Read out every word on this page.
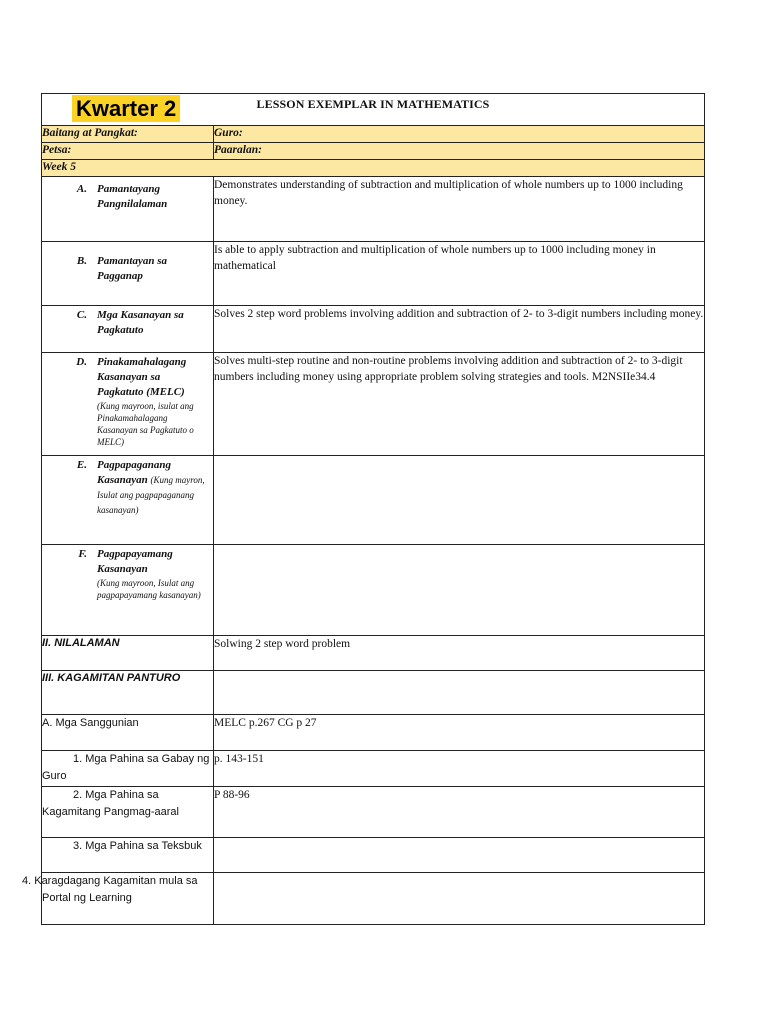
Kwarter 2 LESSON EXEMPLAR IN MATHEMATICS	

Baitang at Pangkat:	Guro:
Petsa:	Paaralan:
Week 5	

A. Pamantayang Pangnilalaman	Demonstrates understanding of subtraction and multiplication of whole numbers up to 1000 including money.

B. Pamantayan sa Pagganap	Is able to apply subtraction and multiplication of whole numbers up to 1000 including money in mathematical

C. Mga Kasanayan sa Pagkatuto	Solves 2 step word problems involving addition and subtraction of 2- to 3-digit numbers including money.

D. Pinakamahalagang Kasanayan sa Pagkatuto (MELC)
(Kung mayroon, isulat ang Pinakamahalagang Kasanayan sa Pagkatuto o MELC)	Solves multi-step routine and non-routine problems involving addition and subtraction of 2- to 3-digit numbers including money using appropriate problem solving strategies and tools. M2NSIIe34.4

E. Pagpapaganang Kasanayan (Kung mayron, Isulat ang pagpapaganang kasanayan)	

F. Pagpapayamang Kasanayan
(Kung mayroon, Isulat ang pagpapayamang kasanayan)	

II. NILALAMAN	Solwing 2 step word problem
III. KAGAMITAN PANTURO	
A. Mga Sanggunian	MELC p.267 CG p 27
1. Mga Pahina sa Gabay ng Guro	p. 143-151
2. Mga Pahina sa Kagamitang Pangmag-aaral	P 88-96
3. Mga Pahina sa Teksbuk	
4. Karagdagang Kagamitan mula sa Portal ng Learning	
